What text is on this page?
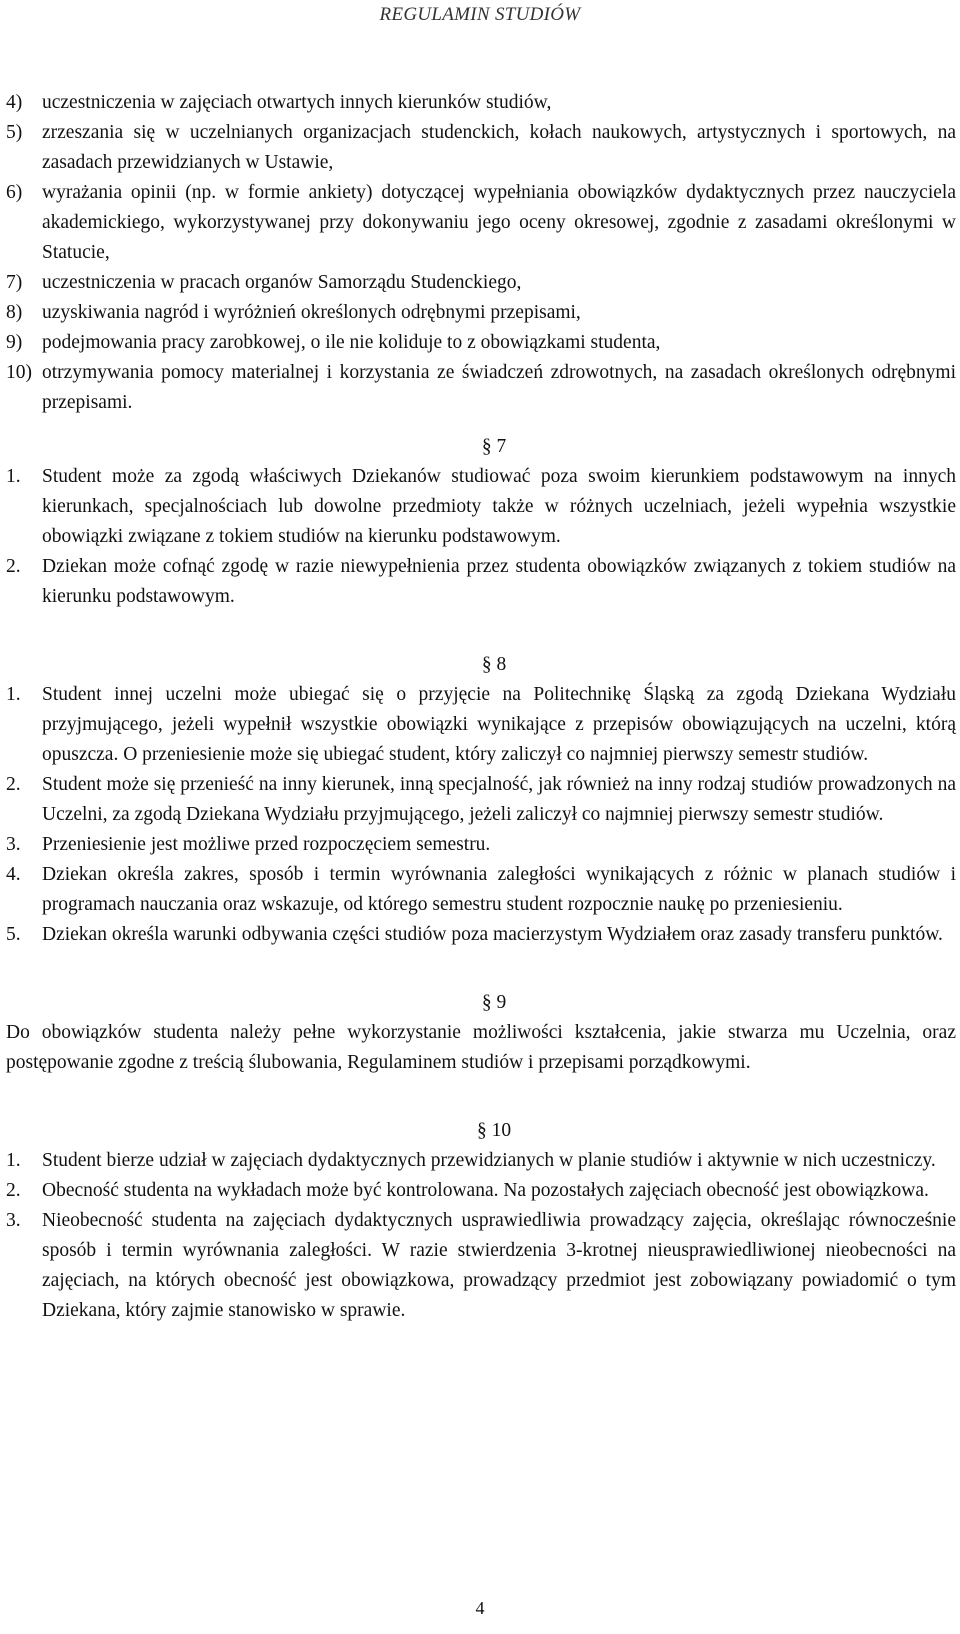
REGULAMIN STUDIÓW
4)	uczestniczenia w zajęciach otwartych innych kierunków studiów,
5)	zrzeszania się w uczelnianych organizacjach studenckich, kołach naukowych, artystycznych i sportowych, na zasadach przewidzianych w Ustawie,
6)	wyrażania opinii (np. w formie ankiety) dotyczącej wypełniania obowiązków dydaktycznych przez nauczyciela akademickiego, wykorzystywanej przy dokonywaniu jego oceny okresowej, zgodnie z zasadami określonymi w Statucie,
7)	uczestniczenia w pracach organów Samorządu Studenckiego,
8)	uzyskiwania nagród i wyróżnień określonych odrębnymi przepisami,
9)	podejmowania pracy zarobkowej, o ile nie koliduje to z obowiązkami studenta,
10) otrzymywania pomocy materialnej i korzystania ze świadczeń zdrowotnych, na zasadach określonych odrębnymi przepisami.
§ 7
1.	Student może za zgodą właściwych Dziekanów studiować poza swoim kierunkiem podstawowym na innych kierunkach, specjalnościach lub dowolne przedmioty także w różnych uczelniach, jeżeli wypełnia wszystkie obowiązki związane z tokiem studiów na kierunku podstawowym.
2.	Dziekan może cofnąć zgodę w razie niewypełnienia przez studenta obowiązków związanych z tokiem studiów na kierunku podstawowym.
§ 8
1.	Student innej uczelni może ubiegać się o przyjęcie na Politechnikę Śląską za zgodą Dziekana Wydziału przyjmującego, jeżeli wypełnił wszystkie obowiązki wynikające z przepisów obowiązujących na uczelni, którą opuszcza. O przeniesienie może się ubiegać student, który zaliczył co najmniej pierwszy semestr studiów.
2.	Student może się przenieść na inny kierunek, inną specjalność, jak również na inny rodzaj studiów prowadzonych na Uczelni, za zgodą Dziekana Wydziału przyjmującego, jeżeli zaliczył co najmniej pierwszy semestr studiów.
3.	Przeniesienie jest możliwe przed rozpoczęciem semestru.
4.	Dziekan określa zakres, sposób i termin wyrównania zaległości wynikających z różnic w planach studiów i programach nauczania oraz wskazuje, od którego semestru student rozpocznie naukę po przeniesieniu.
5.	Dziekan określa warunki odbywania części studiów poza macierzystym Wydziałem oraz zasady transferu punktów.
§ 9
Do obowiązków studenta należy pełne wykorzystanie możliwości kształcenia, jakie stwarza mu Uczelnia, oraz postępowanie zgodne z treścią ślubowania, Regulaminem studiów i przepisami porządkowymi.
§ 10
1.	Student bierze udział w zajęciach dydaktycznych przewidzianych w planie studiów i aktywnie w nich uczestniczy.
2.	Obecność studenta na wykładach może być kontrolowana. Na pozostałych zajęciach obecność jest obowiązkowa.
3.	Nieobecność studenta na zajęciach dydaktycznych usprawiedliwia prowadzący zajęcia, określając równocześnie sposób i termin wyrównania zaległości. W razie stwierdzenia 3-krotnej nieusprawiedliwionej nieobecności na zajęciach, na których obecność jest obowiązkowa, prowadzący przedmiot jest zobowiązany powiadomić o tym Dziekana, który zajmie stanowisko w sprawie.
4
